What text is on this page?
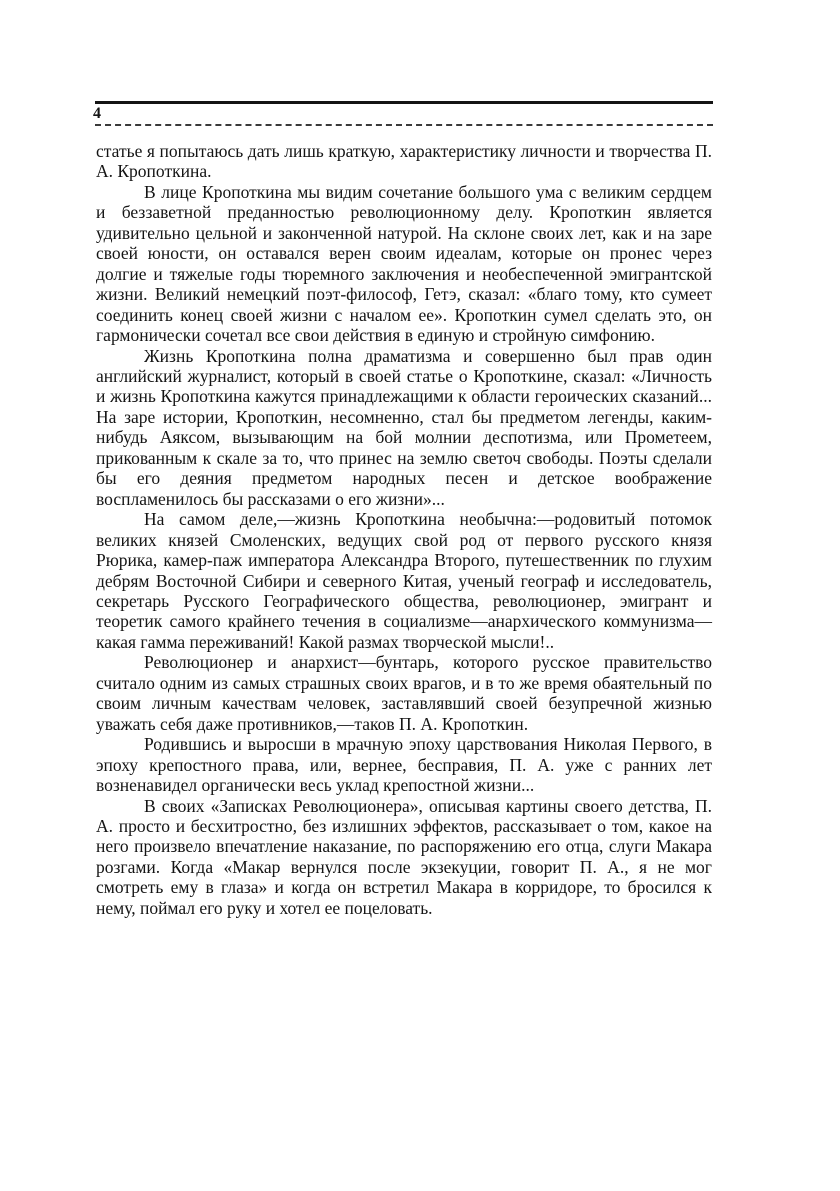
4

статье я попытаюсь дать лишь краткую, характеристику личности и творчества П. А. Кропоткина.

В лице Кропоткина мы видим сочетание большого ума с великим сердцем и беззаветной преданностью революционному делу. Кропоткин является удивительно цельной и законченной натурой. На склоне своих лет, как и на заре своей юности, он оставался верен своим идеалам, которые он пронес через долгие и тяжелые годы тюремного заключения и необеспеченной эмигрантской жизни. Великий немецкий поэт-философ, Гетэ, сказал: «благо тому, кто сумеет соединить конец своей жизни с началом ее». Кропоткин сумел сделать это, он гармонически сочетал все свои действия в единую и стройную симфонию.

Жизнь Кропоткина полна драматизма и совершенно был прав один английский журналист, который в своей статье о Кропоткине, сказал: «Личность и жизнь Кропоткина кажутся принадлежащими к области героических сказаний... На заре истории, Кропоткин, несомненно, стал бы предметом легенды, каким-нибудь Аяксом, вызывающим на бой молнии деспотизма, или Прометеем, прикованным к скале за то, что принес на землю светоч свободы. Поэты сделали бы его деяния предметом народных песен и детское воображение воспламенилось бы рассказами о его жизни»...

На самом деле,—жизнь Кропоткина необычна:—родовитый потомок великих князей Смоленских, ведущих свой род от первого русского князя Рюрика, камер-паж императора Александра Второго, путешественник по глухим дебрям Восточной Сибири и северного Китая, ученый географ и исследователь, секретарь Русского Географического общества, революционер, эмигрант и теоретик самого крайнего течения в социализме—анархического коммунизма—какая гамма переживаний! Какой размах творческой мысли!..

Революционер и анархист—бунтарь, которого русское правительство считало одним из самых страшных своих врагов, и в то же время обаятельный по своим личным качествам человек, заставлявший своей безупречной жизнью уважать себя даже противников,—таков П. А. Кропоткин.

Родившись и выросши в мрачную эпоху царствования Николая Первого, в эпоху крепостного права, или, вернее, бесправия, П. А. уже с ранних лет возненавидел органически весь уклад крепостной жизни...

В своих «Записках Революционера», описывая картины своего детства, П. А. просто и бесхитростно, без излишних эффектов, рассказывает о том, какое на него произвело впечатление наказание, по распоряжению его отца, слуги Макара розгами. Когда «Макар вернулся после экзекуции, говорит П. А., я не мог смотреть ему в глаза» и когда он встретил Макара в корридоре, то бросился к нему, поймал его руку и хотел ее поцеловать.
